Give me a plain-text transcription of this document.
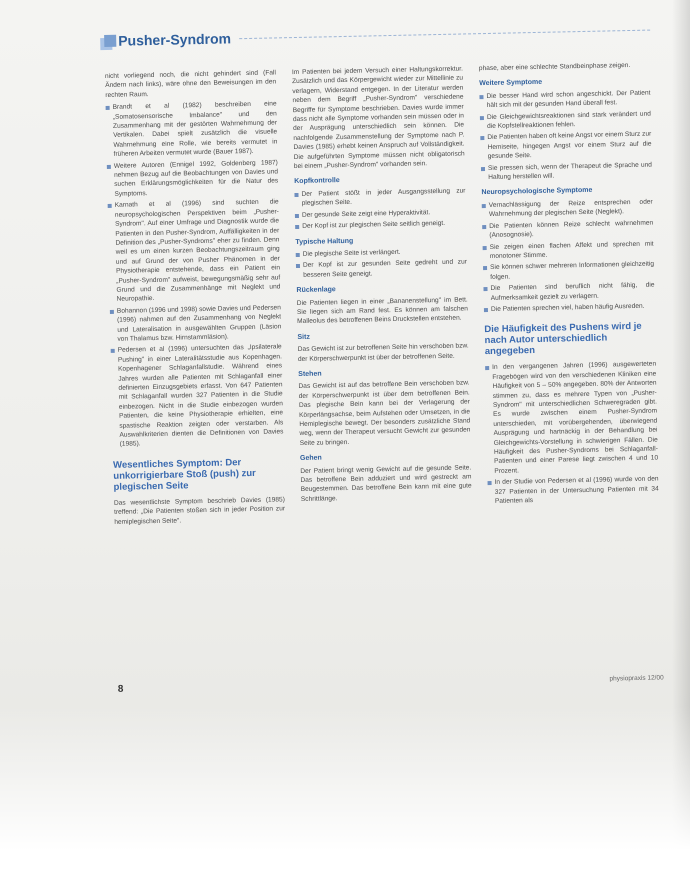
Pusher-Syndrom

nicht vorliegend noch, die nicht gehindert sind (Fall Ändern nach links), wäre ohne den Beweisungen im den rechten Raum.

Brandt et al (1982) beschreiben eine „Somatosensorische Imbalance" und den Zusammenhang mit der gestörten Wahrnehmung der Vertikalen. Dabei spielt zusätzlich die visuelle Wahrnehmung eine Rolle, wie bereits vermutet in früheren Arbeiten vermutet wurde (Bauer 1987).
Weitere Autoren (Ennigel 1992, Goldenberg 1987) nehmen Bezug auf die Beobachtungen von Davies und suchen Erklärungsmöglichkeiten für die Natur des Symptoms.
Karnath et al (1996) sind suchten die neuropsychologischen Perspektiven beim „Pusher-Syndrom". Auf einer Umfrage und Diagnostik wurde die Patienten in den Pusher-Syndrom, Auffälligkeiten in der Definition des „Pusher-Syndroms" eher zu finden. Denn weil es um einen kurzen Beobachtungszeitraum ging und auf Grund der von Pusher Phänomen in der Physiotherapie entstehende, dass ein Patient ein „Pusher-Syndrom" aufweist, bewegungsmäßig sehr auf Grund und die Zusammenhänge mit Neglekt und Neuropathie.
Bohannon (1996 und 1998) sowie Davies und Pedersen (1996) nahmen auf den Zusammenhang von Neglekt und Lateralisation in ausgewählten Gruppen (Läsion von Thalamus bzw. Hirnstammläsion).
Pedersen et al (1996) untersuchten das „Ipsilaterale Pushing" in einer Lateralitätsstudie aus Kopenhagen. Kopenhagener Schlaganfallstudie. Während eines Jahres wurden alle Patienten mit Schlaganfall einer definierten Einzugsgebiets erfasst. Von 647 Patienten mit Schlaganfall wurden 327 Patienten in die Studie einbezogen. Nicht in die Studie einbezogen wurden Patienten, die keine Physiotherapie erhielten, eine spastische Reaktion zeigten oder verstarben. Als Auswahlkriterien dienten die Definitionen von Davies (1985).
Wesentliches Symptom: Der unkorrigierbare Stoß (push) zur plegischen Seite

Das wesentlichste Symptom beschrieb Davies (1985) treffend: „Die Patienten stoßen sich in jeder Position zur hemiplegischen Seite".

Im Patienten bei jedem Versuch einer Haltungskorrektur. Zusätzlich und das Körpergewicht wieder zur Mittellinie zu verlagern, Widerstand entgegen. In der Literatur werden neben dem Begriff „Pusher-Syndrom" verschiedene Begriffe für Symptome beschrieben. Davies wurde immer dass nicht alle Symptome vorhanden sein müssen oder in der Ausprägung unterschiedlich sein können. Die nachfolgende Zusammenstellung der Symptome nach P. Davies (1985) erhebt keinen Anspruch auf Vollständigkeit. Die aufgeführten Symptome müssen nicht obligatorisch bei einem „Pusher-Syndrom" vorhanden sein.

Kopfkontrolle
Der Patient stößt in jeder Ausgangsstellung zur plegischen Seite.
Der gesunde Seite zeigt eine Hyperaktivität.
Der Kopf ist zur plegischen Seite seitlich geneigt.
Typische Haltung
Die plegische Seite ist verlängert.
Der Kopf ist zur gesunden Seite gedreht und zur besseren Seite geneigt.
Rückenlage

Die Patienten liegen in einer „Bananenstellung" im Bett. Sie liegen sich am Rand fest. Es können am falschen Malleolus des betroffenen Beins Druckstellen entstehen.

Sitz

Das Gewicht ist zur betroffenen Seite hin verschoben bzw. der Körperschwerpunkt ist über der betroffenen Seite.

Stehen

Das Gewicht ist auf das betroffene Bein verschoben bzw. der Körperschwerpunkt ist über dem betroffenen Bein. Das plegische Bein kann bei der Verlagerung der Körperlängsachse, beim Aufstehen oder Umsetzen, in die Hemiplegische bewegt. Der besonders zusätzliche Stand weg, wenn der Therapeut versucht Gewicht zur gesunden Seite zu bringen.

Gehen

Der Patient bringt wenig Gewicht auf die gesunde Seite. Das betroffene Bein adduziert und wird gestreckt am Beugestemmen. Das betroffene Bein kann mit eine gute Schrittlänge.

phase, aber eine schlechte Standbeinphase zeigen.

Weitere Symptome
Die besser Hand wird schon angeschickt. Der Patient hält sich mit der gesunden Hand überall fest.
Die Gleichgewichtsreaktionen sind stark verändert und die Kopfstellreaktionen fehlen.
Die Patienten haben oft keine Angst vor einem Sturz zur Hemiseite, hingegen Angst vor einem Sturz auf die gesunde Seite.
Sie pressen sich, wenn der Therapeut die Sprache und Haltung herstellen will.
Neuropsychologische Symptome
Vernachlässigung der Reize entsprechen oder Wahrnehmung der plegischen Seite (Neglekt).
Die Patienten können Reize schlecht wahrnehmen (Anosognosie).
Sie zeigen einen flachen Affekt und sprechen mit monotoner Stimme.
Sie können schwer mehreren Informationen gleichzeitig folgen.
Die Patienten sind beruflich nicht fähig, die Aufmerksamkeit gezielt zu verlagern.
Die Patienten sprechen viel, haben häufig Ausreden.
Die Häufigkeit des Pushens wird je nach Autor unterschiedlich angegeben
In den vergangenen Jahren (1996) ausgewerteten Fragebögen wird von den verschiedenen Kliniken eine Häufigkeit von 5 – 50% angegeben. 80% der Antworten stimmen zu, dass es mehrere Typen von „Pusher-Syndrom" mit unterschiedlichen Schweregraden gibt. Es wurde zwischen einem Pusher-Syndrom unterschieden, mit vorübergehenden, überwiegend Ausprägung und hartnäckig in der Behandlung bei Gleichgewichts-Vorstellung in schwierigen Fällen. Die Häufigkeit des Pusher-Syndroms bei Schlaganfall-Patienten und einer Parese liegt zwischen 4 und 10 Prozent.
In der Studie von Pedersen et al (1996) wurde von den 327 Patienten in der Untersuchung Patienten mit 34 Patienten als
8
physiopraxis 12/00
